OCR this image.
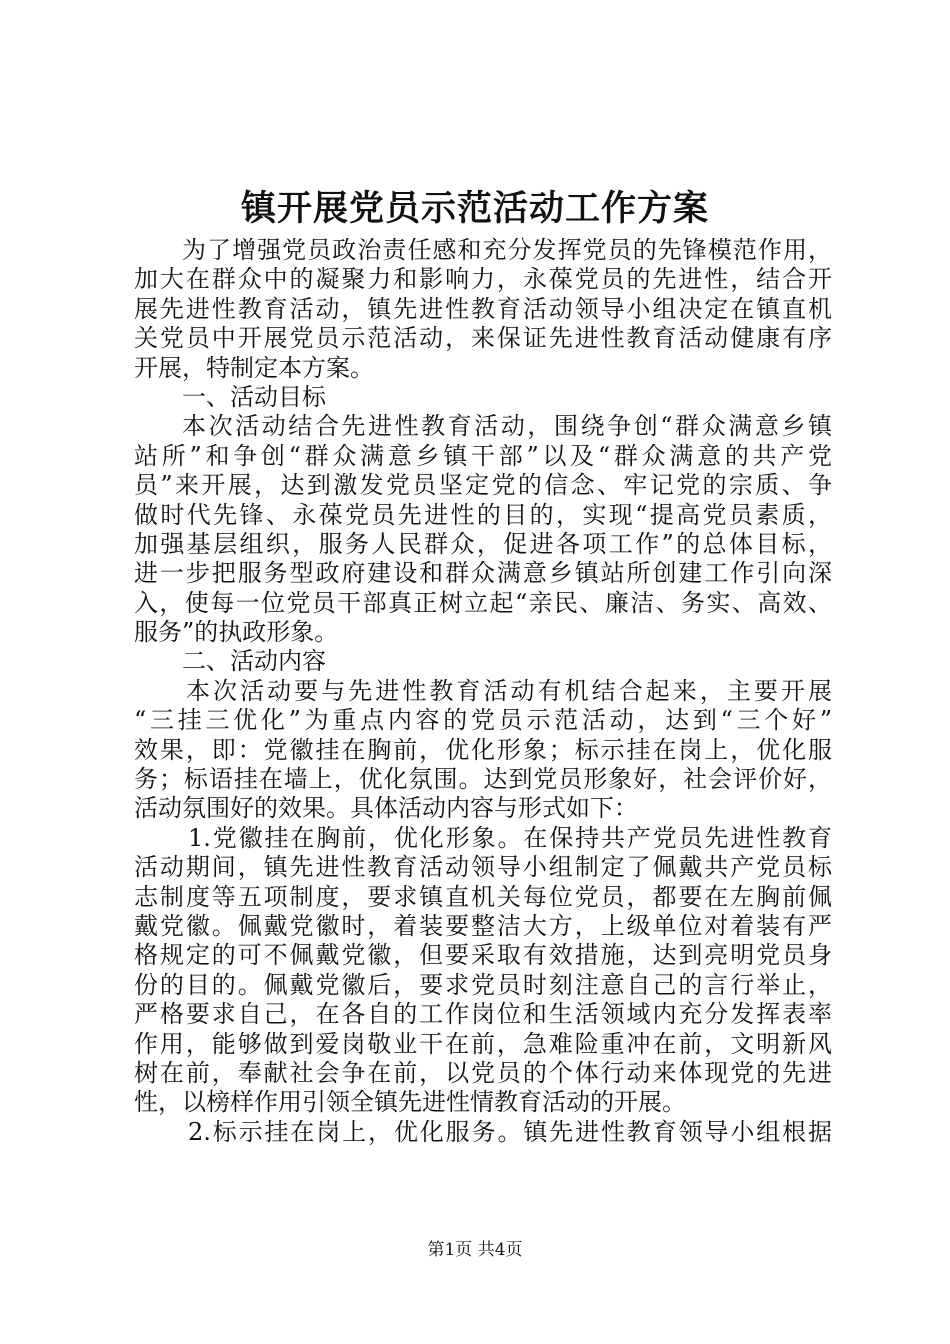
镇开展党员示范活动工作方案
为了增强党员政治责任感和充分发挥党员的先锋模范作用，
加大在群众中的凝聚力和影响力，永葆党员的先进性，结合开
展先进性教育活动，镇先进性教育活动领导小组决定在镇直机
关党员中开展党员示范活动，来保证先进性教育活动健康有序
开展，特制定本方案。
一、活动目标
本次活动结合先进性教育活动，围绕争创“群众满意乡镇
站所”和争创“群众满意乡镇干部”以及“群众满意的共产党
员”来开展，达到激发党员坚定党的信念、牢记党的宗质、争
做时代先锋、永葆党员先进性的目的，实现“提高党员素质，
加强基层组织，服务人民群众，促进各项工作”的总体目标，
进一步把服务型政府建设和群众满意乡镇站所创建工作引向深
入，使每一位党员干部真正树立起“亲民、廉洁、务实、高效、
服务”的执政形象。
二、活动内容
本次活动要与先进性教育活动有机结合起来，主要开展
“三挂三优化”为重点内容的党员示范活动，达到“三个好”
效果，即：党徽挂在胸前，优化形象；标示挂在岗上，优化服
务；标语挂在墙上，优化氛围。达到党员形象好，社会评价好，
活动氛围好的效果。具体活动内容与形式如下：
1.党徽挂在胸前，优化形象。在保持共产党员先进性教育
活动期间，镇先进性教育活动领导小组制定了佩戴共产党员标
志制度等五项制度，要求镇直机关每位党员，都要在左胸前佩
戴党徽。佩戴党徽时，着装要整洁大方，上级单位对着装有严
格规定的可不佩戴党徽，但要采取有效措施，达到亮明党员身
份的目的。佩戴党徽后，要求党员时刻注意自己的言行举止，
严格要求自己，在各自的工作岗位和生活领域内充分发挥表率
作用，能够做到爱岗敬业干在前，急难险重冲在前，文明新风
树在前，奉献社会争在前，以党员的个体行动来体现党的先进
性，以榜样作用引领全镇先进性情教育活动的开展。
2.标示挂在岗上，优化服务。镇先进性教育领导小组根据
第1页 共4页
